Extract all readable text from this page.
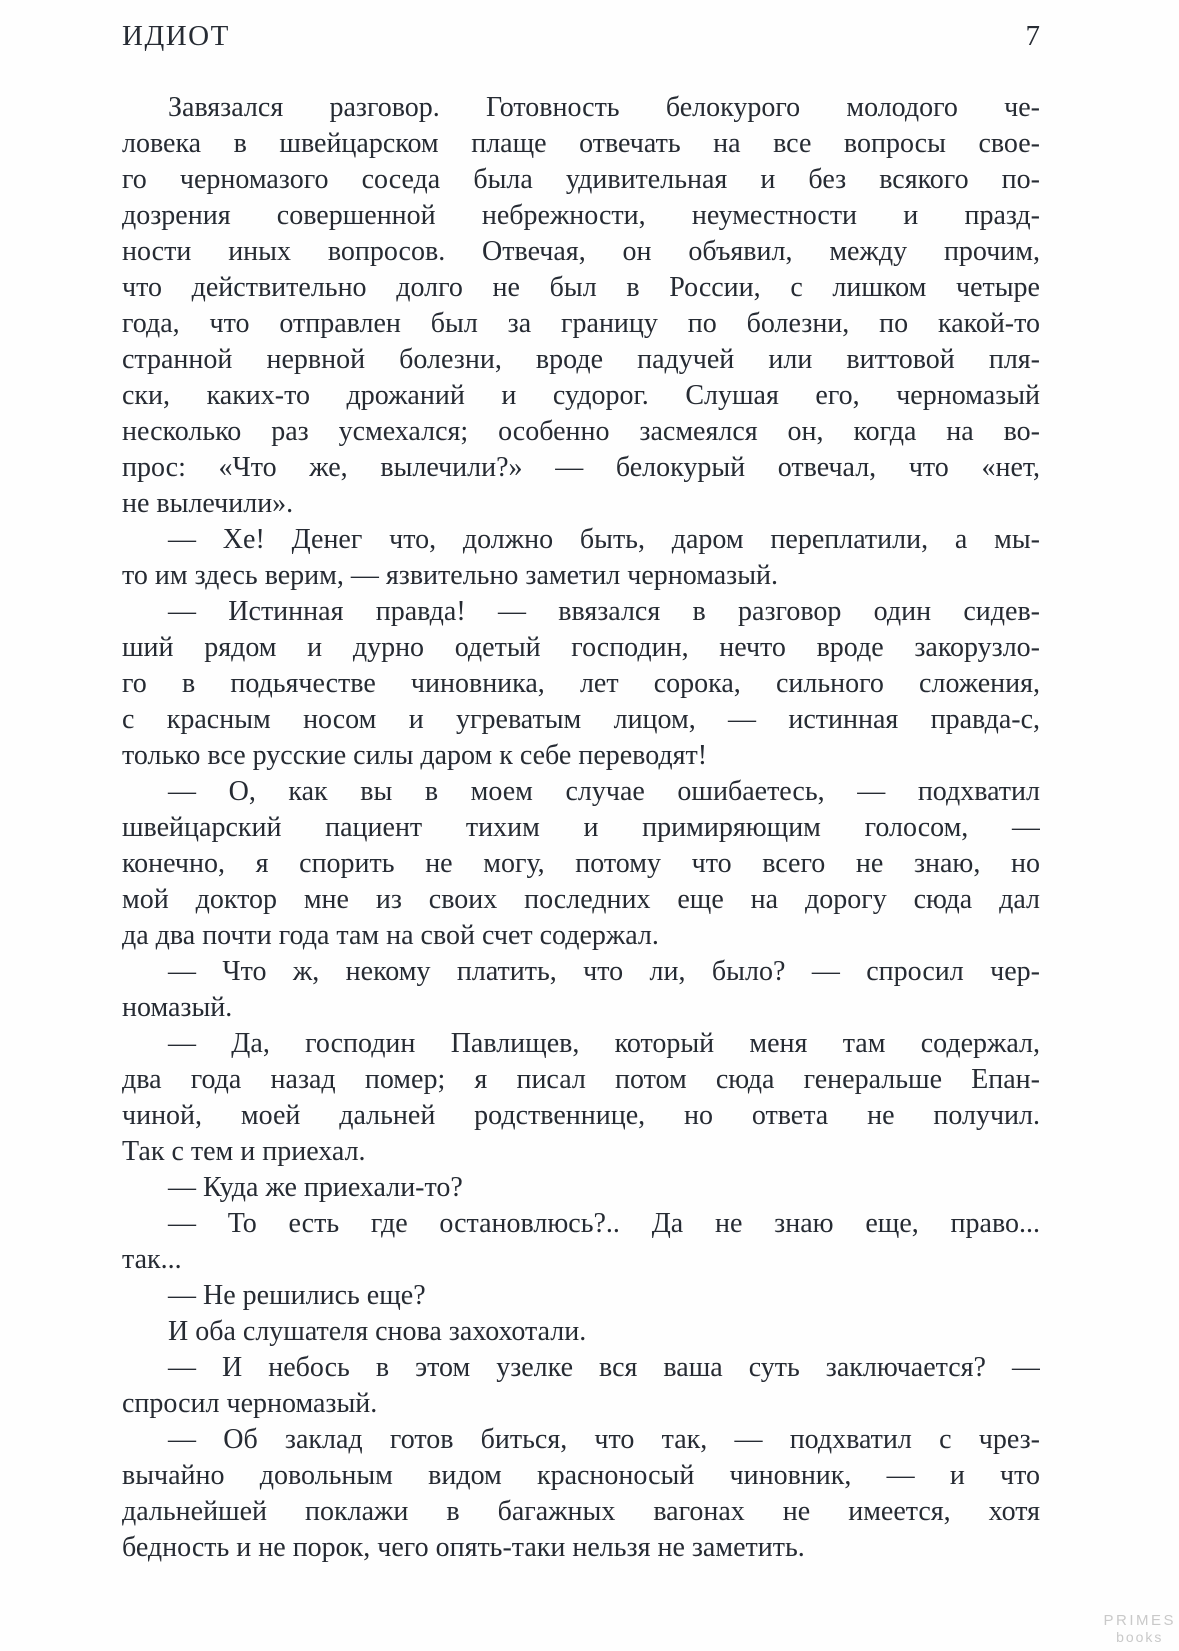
ИДИОТ	7
Завязался разговор. Готовность белокурого молодого че-
ловека в швейцарском плаще отвечать на все вопросы свое-
го черномазого соседа была удивительная и без всякого по-
дозрения совершенной небрежности, неуместности и празд-
ности иных вопросов. Отвечая, он объявил, между прочим,
что действительно долго не был в России, с лишком четыре
года, что отправлен был за границу по болезни, по какой-то
странной нервной болезни, вроде падучей или виттовой пля-
ски, каких-то дрожаний и судорог. Слушая его, черномазый
несколько раз усмехался; особенно засмеялся он, когда на во-
прос: «Что же, вылечили?» — белокурый отвечал, что «нет,
не вылечили».
— Хе! Денег что, должно быть, даром переплатили, а мы-
то им здесь верим, — язвительно заметил черномазый.
— Истинная правда! — ввязался в разговор один сидев-
ший рядом и дурно одетый господин, нечто вроде закорузло-
го в подьячестве чиновника, лет сорока, сильного сложения,
с красным носом и угреватым лицом, — истинная правда-с,
только все русские силы даром к себе переводят!
— О, как вы в моем случае ошибаетесь, — подхватил
швейцарский пациент тихим и примиряющим голосом, —
конечно, я спорить не могу, потому что всего не знаю, но
мой доктор мне из своих последних еще на дорогу сюда дал
да два почти года там на свой счет содержал.
— Что ж, некому платить, что ли, было? — спросил чер-
номазый.
— Да, господин Павлищев, который меня там содержал,
два года назад помер; я писал потом сюда генеральше Епан-
чиной, моей дальней родственнице, но ответа не получил.
Так с тем и приехал.
— Куда же приехали-то?
— То есть где остановлюсь?.. Да не знаю еще, право...
так...
— Не решились еще?
И оба слушателя снова захохотали.
— И небось в этом узелке вся ваша суть заключается? —
спросил черномазый.
— Об заклад готов биться, что так, — подхватил с чрез-
вычайно довольным видом красноносый чиновник, — и что
дальнейшей поклажи в багажных вагонах не имеется, хотя
бедность и не порок, чего опять-таки нельзя не заметить.
PRIMES
books
